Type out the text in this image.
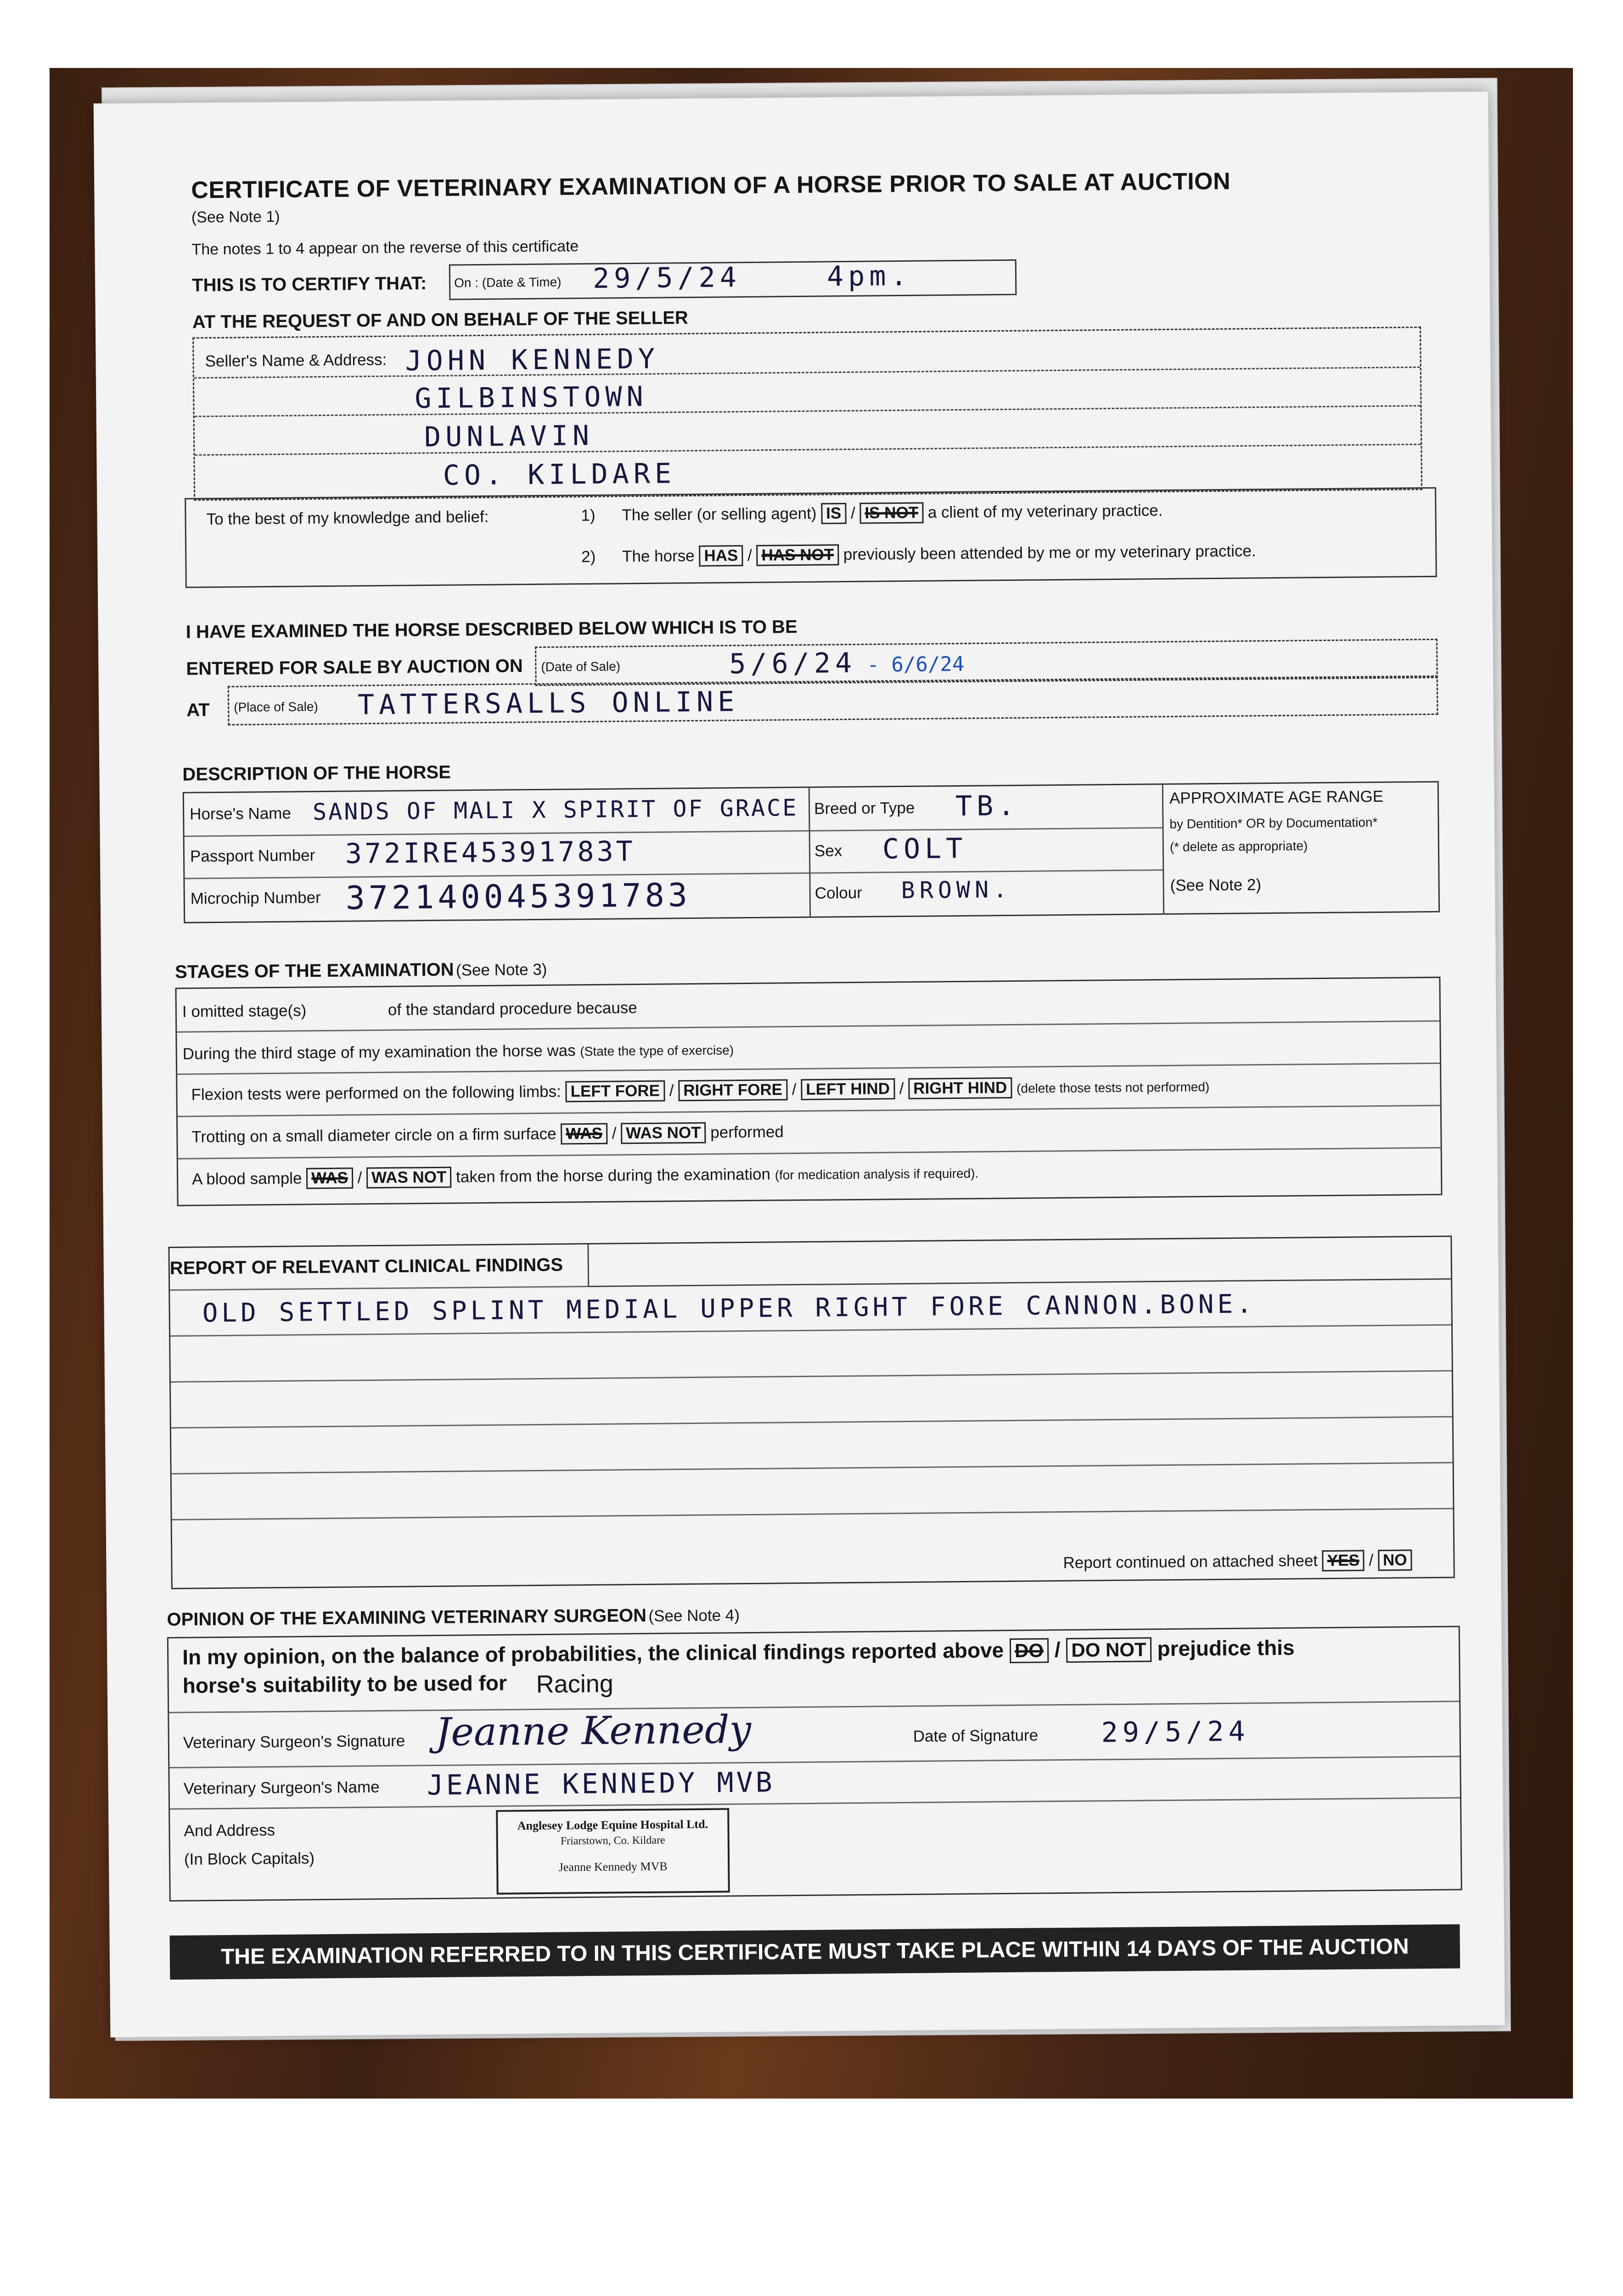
CERTIFICATE OF VETERINARY EXAMINATION OF A HORSE PRIOR TO SALE AT AUCTION
(See Note 1)
The notes 1 to 4 appear on the reverse of this certificate
THIS IS TO CERTIFY THAT: On : (Date & Time) 29/5/24	4pm.
AT THE REQUEST OF AND ON BEHALF OF THE SELLER
Seller's Name & Address: JOHN KENNEDY
GILBINSTOWN
DUNLAVIN
CO. KILDARE
To the best of my knowledge and belief:	1) The seller (or selling agent) IS / IS NOT a client of my veterinary practice.
2) The horse HAS / HAS NOT previously been attended by me or my veterinary practice.
I HAVE EXAMINED THE HORSE DESCRIBED BELOW WHICH IS TO BE
ENTERED FOR SALE BY AUCTION ON (Date of Sale)	5/6/24 - 6/6/24
AT (Place of Sale) TATTERSALLS ONLINE
DESCRIPTION OF THE HORSE
Horse's Name SANDS OF MALI X SPIRIT OF GRACE
Passport Number 372IRE45391783T
Microchip Number 372140045391783
Breed or Type TB.
Sex COLT
Colour BROWN.
APPROXIMATE AGE RANGE
by Dentition* OR by Documentation*
(* delete as appropriate)
(See Note 2)
STAGES OF THE EXAMINATION (See Note 3)
I omitted stage(s)	of the standard procedure because
During the third stage of my examination the horse was (State the type of exercise)
Flexion tests were performed on the following limbs: LEFT FORE / RIGHT FORE / LEFT HIND / RIGHT HIND (delete those tests not performed)
Trotting on a small diameter circle on a firm surface WAS / WAS NOT performed
A blood sample WAS / WAS NOT taken from the horse during the examination (for medication analysis if required).
REPORT OF RELEVANT CLINICAL FINDINGS
OLD SETTLED SPLINT MEDIAL UPPER RIGHT FORE CANNON.BONE.
Report continued on attached sheet YES / NO
OPINION OF THE EXAMINING VETERINARY SURGEON (See Note 4)
In my opinion, on the balance of probabilities, the clinical findings reported above DO / DO NOT prejudice this
horse's suitability to be used for Racing
Veterinary Surgeon's Signature Jeanne Kennedy	Date of Signature 29/5/24
Veterinary Surgeon's Name JEANNE KENNEDY MVB
And Address
(In Block Capitals)
Anglesey Lodge Equine Hospital Ltd.
Friarstown, Co. Kildare
Jeanne Kennedy MVB
THE EXAMINATION REFERRED TO IN THIS CERTIFICATE MUST TAKE PLACE WITHIN 14 DAYS OF THE AUCTION
